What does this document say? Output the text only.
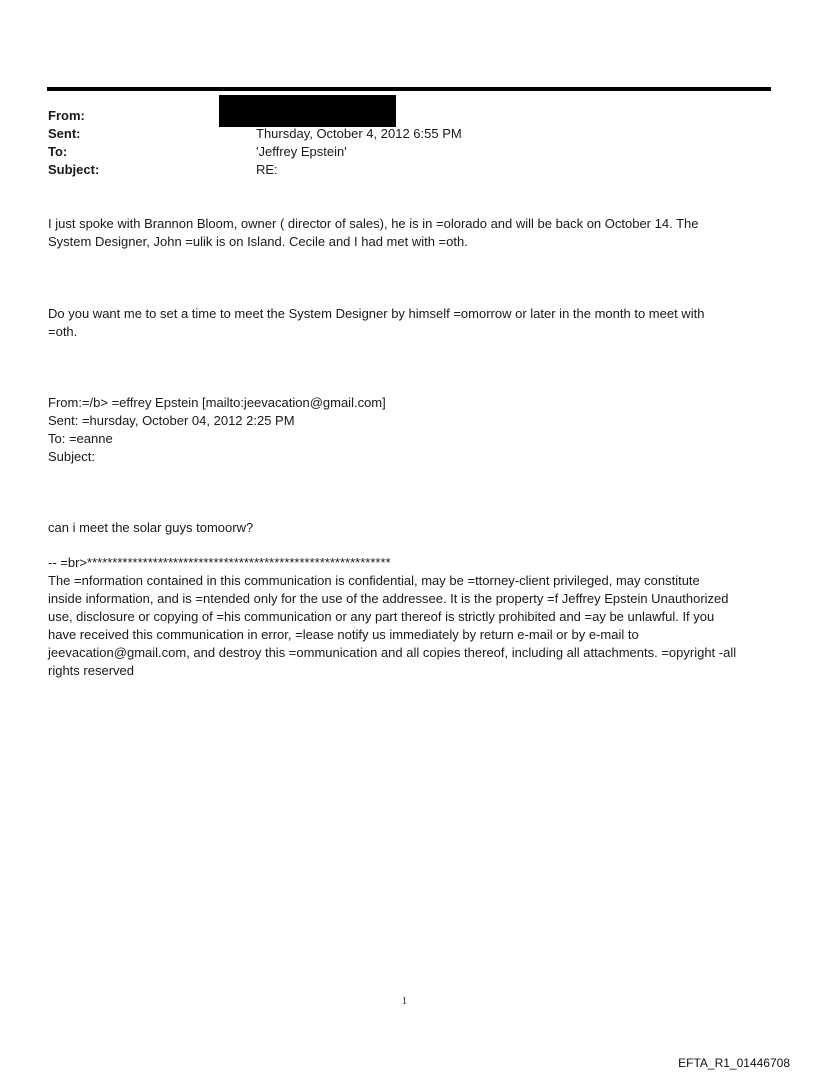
From:
Sent:	Thursday, October 4, 2012 6:55 PM
To:	'Jeffrey Epstein'
Subject:	RE:
I just spoke with Brannon Bloom, owner ( director of sales), he is in =olorado and will be back on October 14. The
System Designer, John =ulik is on Island. Cecile and I had met with =oth.
Do you want me to set a time to meet the System Designer by himself =omorrow or later in the month to meet with
=oth.
From:=/b> =effrey Epstein [mailto:jeevacation@gmail.com]
Sent: =hursday, October 04, 2012 2:25 PM
To: =eanne
Subject:
can i meet the solar guys tomoorw?
-- =br>************************************************************
The =nformation contained in this communication is confidential, may be =ttorney-client privileged, may constitute
inside information, and is =ntended only for the use of the addressee. It is the property =f Jeffrey Epstein Unauthorized
use, disclosure or copying of =his communication or any part thereof is strictly prohibited and =ay be unlawful. If you
have received this communication in error, =lease notify us immediately by return e-mail or by e-mail to
jeevacation@gmail.com, and destroy this =ommunication and all copies thereof, including all attachments. =opyright -all
rights reserved
1
EFTA_R1_01446708
